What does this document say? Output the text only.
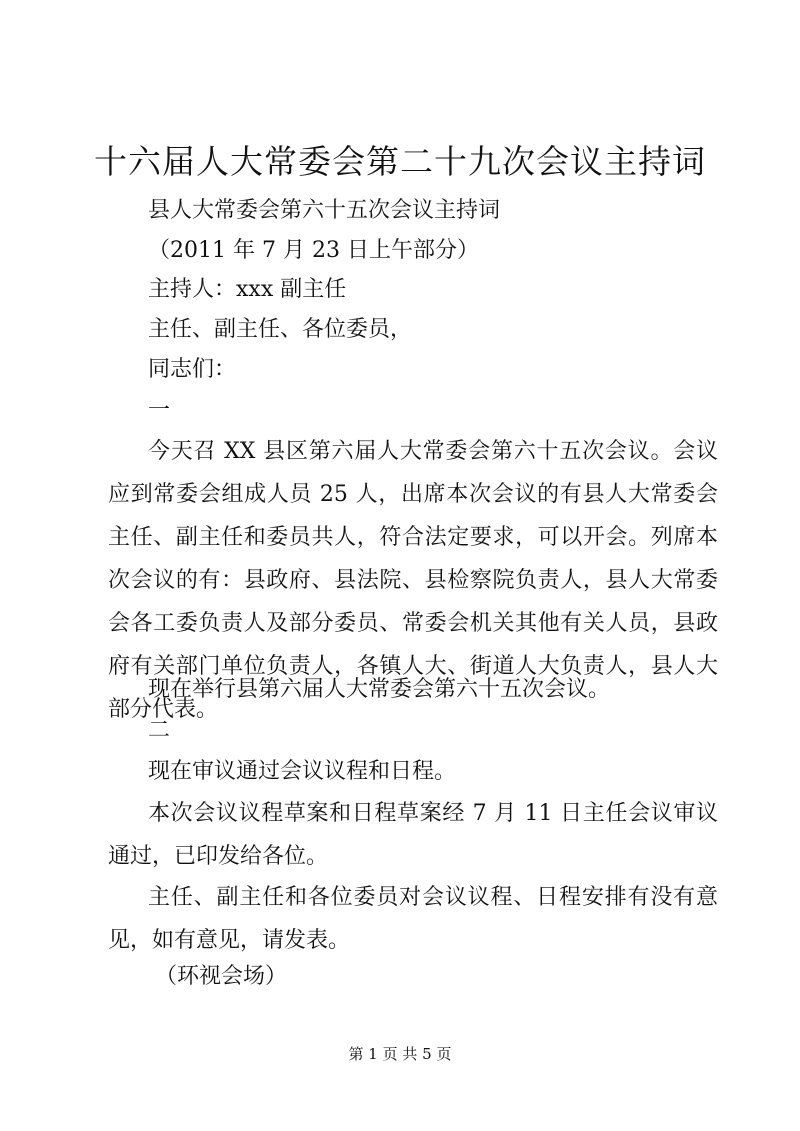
十六届人大常委会第二十九次会议主持词

县人大常委会第六十五次会议主持词

（2011 年 7 月 23 日上午部分）

主持人：xxx 副主任

主任、副主任、各位委员，

同志们：

一

今天召 XX 县区第六届人大常委会第六十五次会议。会议应到常委会组成人员 25 人，出席本次会议的有县人大常委会主任、副主任和委员共人，符合法定要求，可以开会。列席本次会议的有：县政府、县法院、县检察院负责人，县人大常委会各工委负责人及部分委员、常委会机关其他有关人员，县政府有关部门单位负责人，各镇人大、街道人大负责人，县人大部分代表。

现在举行县第六届人大常委会第六十五次会议。

二

现在审议通过会议议程和日程。

本次会议议程草案和日程草案经 7 月 11 日主任会议审议通过，已印发给各位。

主任、副主任和各位委员对会议议程、日程安排有没有意见，如有意见，请发表。

（环视会场）

第 1 页 共 5 页
